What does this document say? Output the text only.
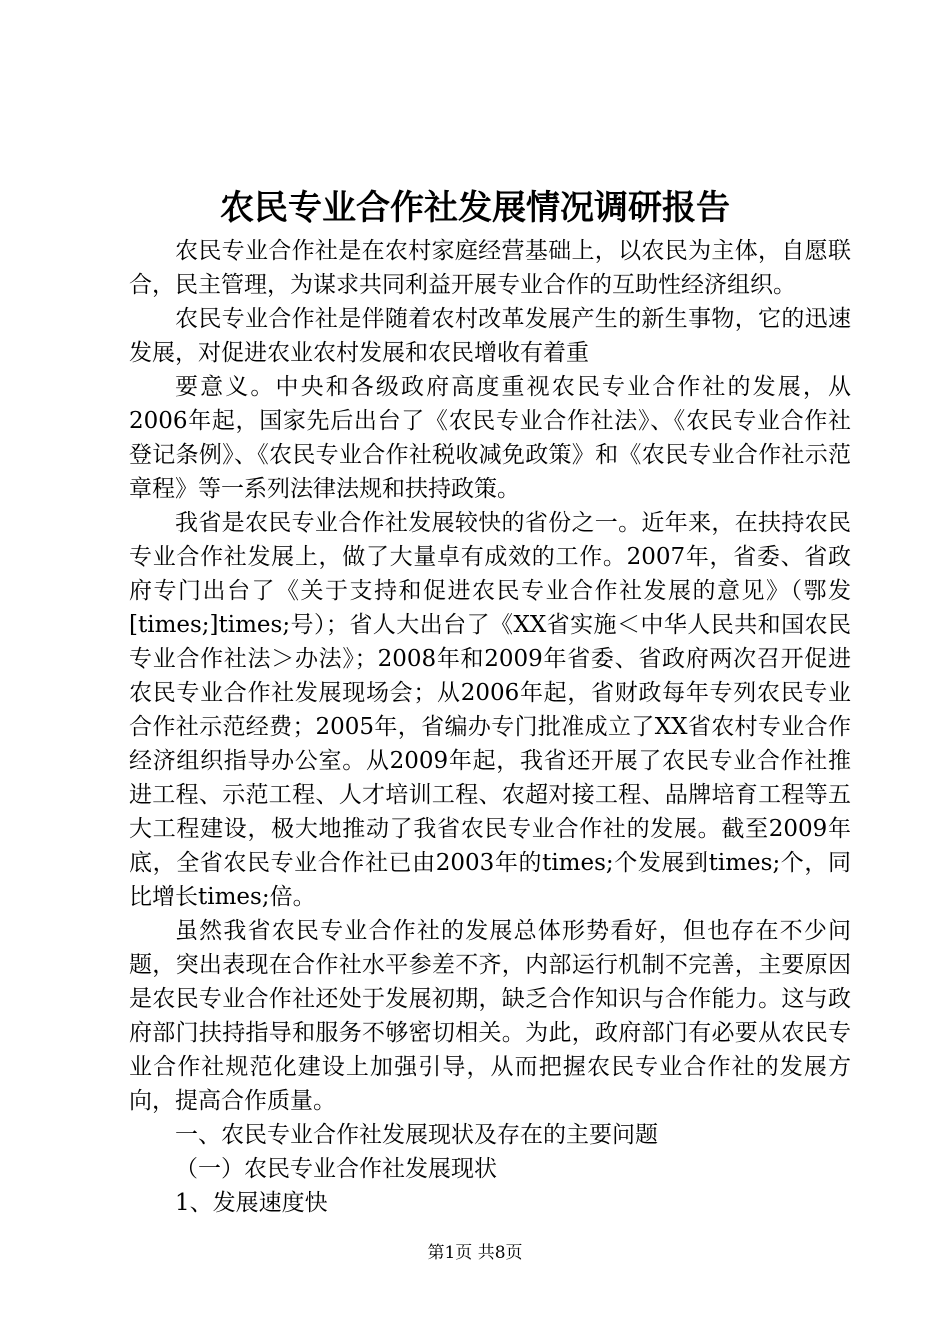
农民专业合作社发展情况调研报告

农民专业合作社是在农村家庭经营基础上，以农民为主体，自愿联合，民主管理，为谋求共同利益开展专业合作的互助性经济组织。

农民专业合作社是伴随着农村改革发展产生的新生事物，它的迅速发展，对促进农业农村发展和农民增收有着重

要意义。中央和各级政府高度重视农民专业合作社的发展，从2006年起，国家先后出台了《农民专业合作社法》、《农民专业合作社登记条例》、《农民专业合作社税收减免政策》和《农民专业合作社示范章程》等一系列法律法规和扶持政策。

我省是农民专业合作社发展较快的省份之一。近年来，在扶持农民专业合作社发展上，做了大量卓有成效的工作。2007年，省委、省政府专门出台了《关于支持和促进农民专业合作社发展的意见》（鄂发[times;]times;号）；省人大出台了《XX省实施＜中华人民共和国农民专业合作社法＞办法》；2008年和2009年省委、省政府两次召开促进农民专业合作社发展现场会；从2006年起，省财政每年专列农民专业合作社示范经费；2005年，省编办专门批准成立了XX省农村专业合作经济组织指导办公室。从2009年起，我省还开展了农民专业合作社推进工程、示范工程、人才培训工程、农超对接工程、品牌培育工程等五大工程建设，极大地推动了我省农民专业合作社的发展。截至2009年底，全省农民专业合作社已由2003年的times;个发展到times;个，同比增长times;倍。

虽然我省农民专业合作社的发展总体形势看好，但也存在不少问题，突出表现在合作社水平参差不齐，内部运行机制不完善，主要原因是农民专业合作社还处于发展初期，缺乏合作知识与合作能力。这与政府部门扶持指导和服务不够密切相关。为此，政府部门有必要从农民专业合作社规范化建设上加强引导，从而把握农民专业合作社的发展方向，提高合作质量。

一、农民专业合作社发展现状及存在的主要问题

（一）农民专业合作社发展现状

1、发展速度快

第1页 共8页
